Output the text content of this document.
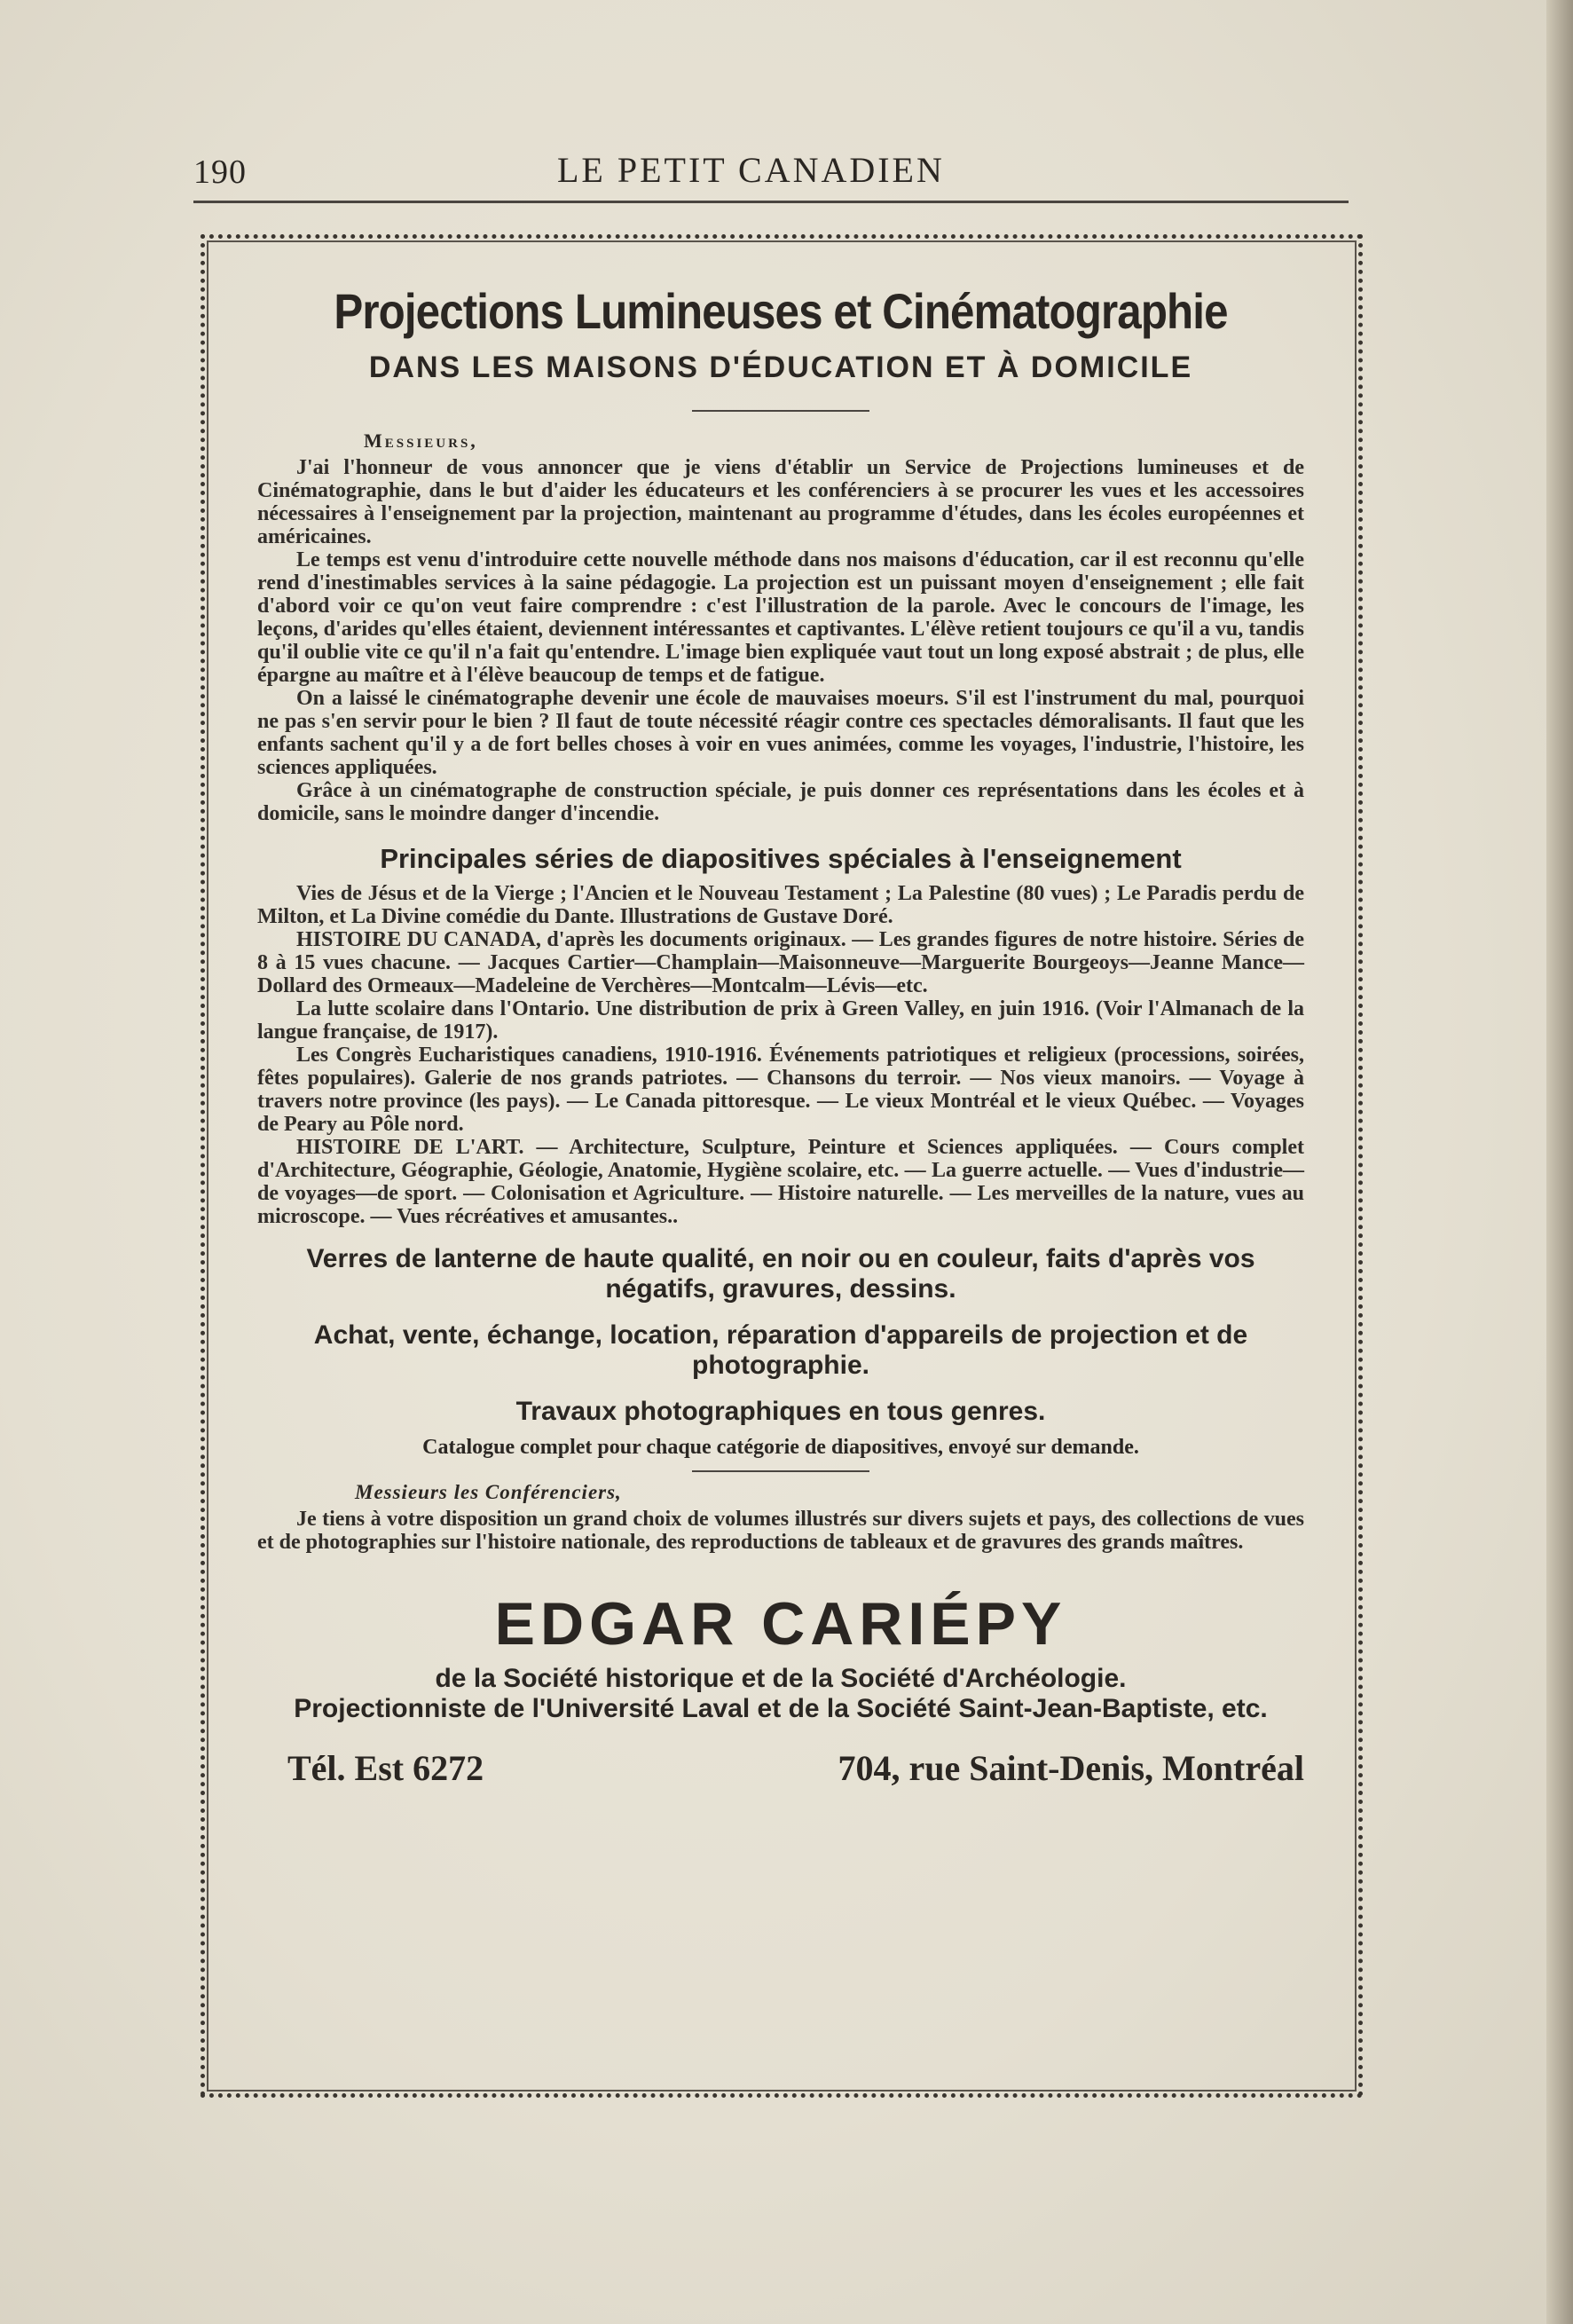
190	LE PETIT CANADIEN
Projections Lumineuses et Cinématographie
DANS LES MAISONS D'ÉDUCATION ET À DOMICILE
Messieurs,

J'ai l'honneur de vous annoncer que je viens d'établir un Service de Projections lumineuses et de Cinématographie, dans le but d'aider les éducateurs et les conférenciers à se procurer les vues et les accessoires nécessaires à l'enseignement par la projection, maintenant au programme d'études, dans les écoles européennes et américaines.

Le temps est venu d'introduire cette nouvelle méthode dans nos maisons d'éducation, car il est reconnu qu'elle rend d'inestimables services à la saine pédagogie. La projection est un puissant moyen d'enseignement ; elle fait d'abord voir ce qu'on veut faire comprendre : c'est l'illustration de la parole. Avec le concours de l'image, les leçons, d'arides qu'elles étaient, deviennent intéressantes et captivantes. L'élève retient toujours ce qu'il a vu, tandis qu'il oublie vite ce qu'il n'a fait qu'entendre. L'image bien expliquée vaut tout un long exposé abstrait ; de plus, elle épargne au maître et à l'élève beaucoup de temps et de fatigue.

On a laissé le cinématographe devenir une école de mauvaises moeurs. S'il est l'instrument du mal, pourquoi ne pas s'en servir pour le bien ? Il faut de toute nécessité réagir contre ces spectacles démoralisants. Il faut que les enfants sachent qu'il y a de fort belles choses à voir en vues animées, comme les voyages, l'industrie, l'histoire, les sciences appliquées.

Grâce à un cinématographe de construction spéciale, je puis donner ces représentations dans les écoles et à domicile, sans le moindre danger d'incendie.

Principales séries de diapositives spéciales à l'enseignement

Vies de Jésus et de la Vierge ; l'Ancien et le Nouveau Testament ; La Palestine (80 vues) ; Le Paradis perdu de Milton, et La Divine comédie du Dante. Illustrations de Gustave Doré.

HISTOIRE DU CANADA, d'après les documents originaux. — Les grandes figures de notre histoire. Séries de 8 à 15 vues chacune. — Jacques Cartier—Champlain—Maisonneuve—Marguerite Bourgeoys—Jeanne Mance—Dollard des Ormeaux—Madeleine de Verchères—Montcalm—Lévis—etc.

La lutte scolaire dans l'Ontario. Une distribution de prix à Green Valley, en juin 1916. (Voir l'Almanach de la langue française, de 1917).

Les Congrès Eucharistiques canadiens, 1910-1916. Événements patriotiques et religieux (processions, soirées, fêtes populaires). Galerie de nos grands patriotes. — Chansons du terroir. — Nos vieux manoirs. — Voyage à travers notre province (les pays). — Le Canada pittoresque. — Le vieux Montréal et le vieux Québec. — Voyages de Peary au Pôle nord.

HISTOIRE DE L'ART. — Architecture, Sculpture, Peinture et Sciences appliquées. — Cours complet d'Architecture, Géographie, Géologie, Anatomie, Hygiène scolaire, etc. — La guerre actuelle. — Vues d'industrie—de voyages—de sport. — Colonisation et Agriculture. — Histoire naturelle. — Les merveilles de la nature, vues au microscope. — Vues récréatives et amusantes..

Verres de lanterne de haute qualité, en noir ou en couleur, faits d'après vos négatifs, gravures, dessins.

Achat, vente, échange, location, réparation d'appareils de projection et de photographie.

Travaux photographiques en tous genres.

Catalogue complet pour chaque catégorie de diapositives, envoyé sur demande.

Messieurs les Conférenciers,

Je tiens à votre disposition un grand choix de volumes illustrés sur divers sujets et pays, des collections de vues et de photographies sur l'histoire nationale, des reproductions de tableaux et de gravures des grands maîtres.

EDGAR CARIÉPY

de la Société historique et de la Société d'Archéologie.

Projectionniste de l'Université Laval et de la Société Saint-Jean-Baptiste, etc.

Tél. Est 6272	704, rue Saint-Denis, Montréal
